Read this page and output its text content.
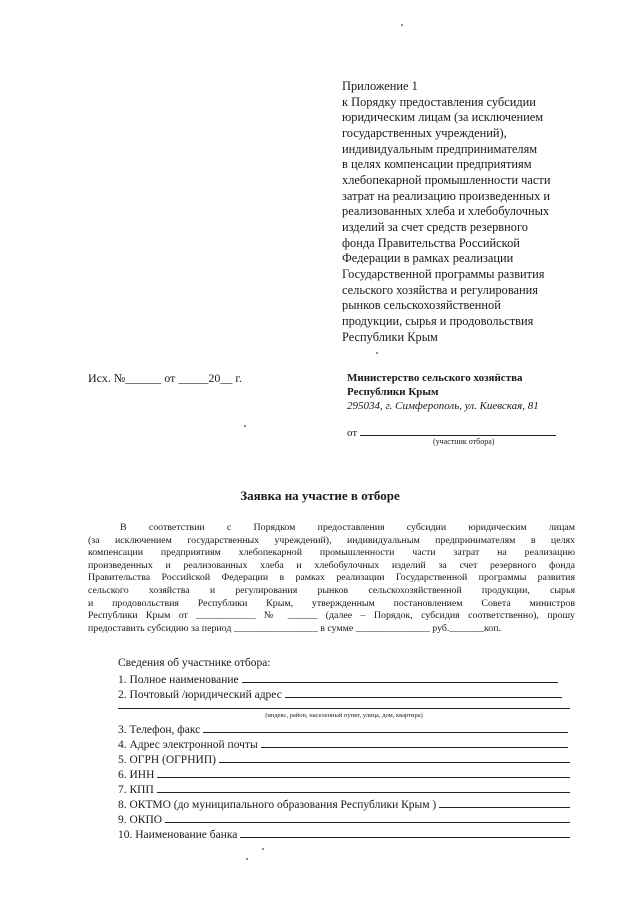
Приложение 1
к Порядку предоставления субсидии
юридическим лицам (за исключением
государственных учреждений),
индивидуальным предпринимателям
в целях компенсации предприятиям
хлебопекарной промышленности части
затрат на реализацию произведенных и
реализованных хлеба и хлебобулочных
изделий за счет средств резервного
фонда Правительства Российской
Федерации в рамках реализации
Государственной программы развития
сельского хозяйства и регулирования
рынков сельскохозяйственной
продукции, сырья и продовольствия
Республики Крым
Исх. №______ от _____20__ г.	Министерство сельского хозяйства
Республики Крым
295034, г. Симферополь, ул. Киевская, 81
от
(участник отбора)
Заявка на участие в отборе
В соответствии с Порядком предоставления субсидии юридическим лицам
(за исключением государственных учреждений), индивидуальным предпринимателям в целях
компенсации предприятиям хлебопекарной промышленности части затрат на реализацию
произведенных и реализованных хлеба и хлебобулочных изделий за счет резервного фонда
Правительства Российской Федерации в рамках реализации Государственной программы развития
сельского хозяйства и регулирования рынков сельскохозяйственной продукции, сырья
и продовольствия Республики Крым, утвержденным постановлением Совета министров
Республики Крым от ____________ № ______ (далее – Порядок, субсидия соответственно), прошу
предоставить субсидию за период _________________ в сумме _______________ руб._______коп.
Сведения об участнике отбора:
1. Полное наименование
2. Почтовый /юридический адрес
(индекс, район, населенный пункт, улица, дом, квартира)
3. Телефон, факс
4. Адрес электронной почты
5. ОГРН (ОГРНИП)
6. ИНН
7. КПП
8. ОКТМО (до муниципального образования Республики Крым )
9. ОКПО
10. Наименование банка
